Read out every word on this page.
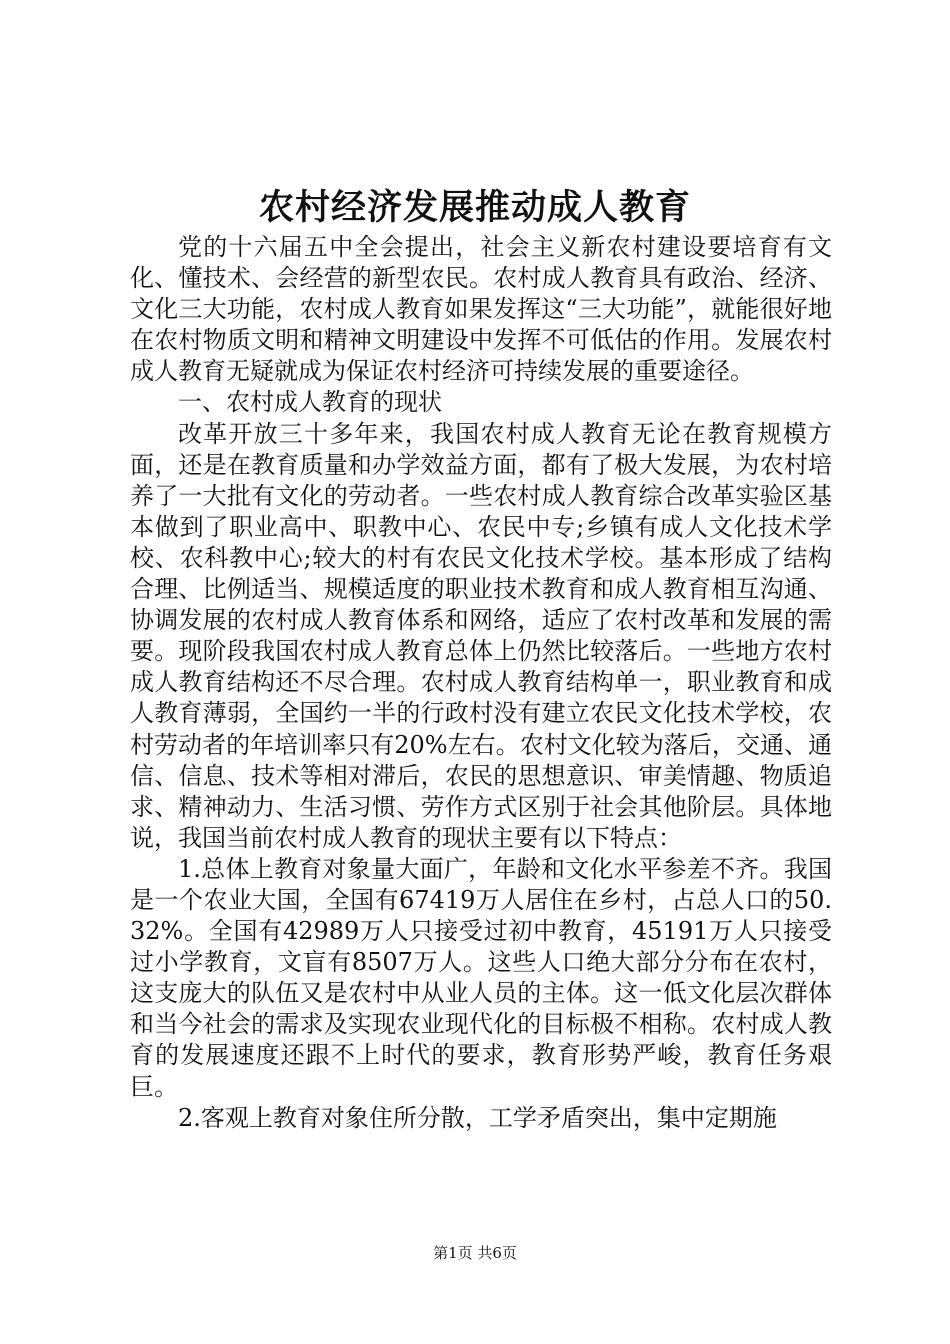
农村经济发展推动成人教育

党的十六届五中全会提出，社会主义新农村建设要培育有文化、懂技术、会经营的新型农民。农村成人教育具有政治、经济、文化三大功能，农村成人教育如果发挥这“三大功能”，就能很好地在农村物质文明和精神文明建设中发挥不可低估的作用。发展农村成人教育无疑就成为保证农村经济可持续发展的重要途径。

一、农村成人教育的现状

改革开放三十多年来，我国农村成人教育无论在教育规模方面，还是在教育质量和办学效益方面，都有了极大发展，为农村培养了一大批有文化的劳动者。一些农村成人教育综合改革实验区基本做到了职业高中、职教中心、农民中专;乡镇有成人文化技术学校、农科教中心;较大的村有农民文化技术学校。基本形成了结构合理、比例适当、规模适度的职业技术教育和成人教育相互沟通、协调发展的农村成人教育体系和网络，适应了农村改革和发展的需要。现阶段我国农村成人教育总体上仍然比较落后。一些地方农村成人教育结构还不尽合理。农村成人教育结构单一，职业教育和成人教育薄弱，全国约一半的行政村没有建立农民文化技术学校，农村劳动者的年培训率只有20%左右。农村文化较为落后，交通、通信、信息、技术等相对滞后，农民的思想意识、审美情趣、物质追求、精神动力、生活习惯、劳作方式区别于社会其他阶层。具体地说，我国当前农村成人教育的现状主要有以下特点：

1.总体上教育对象量大面广，年龄和文化水平参差不齐。我国是一个农业大国，全国有67419万人居住在乡村，占总人口的50.32%。全国有42989万人只接受过初中教育，45191万人只接受过小学教育，文盲有8507万人。这些人口绝大部分分布在农村，这支庞大的队伍又是农村中从业人员的主体。这一低文化层次群体和当今社会的需求及实现农业现代化的目标极不相称。农村成人教育的发展速度还跟不上时代的要求，教育形势严峻，教育任务艰巨。

2.客观上教育对象住所分散，工学矛盾突出，集中定期施

第1页 共6页
